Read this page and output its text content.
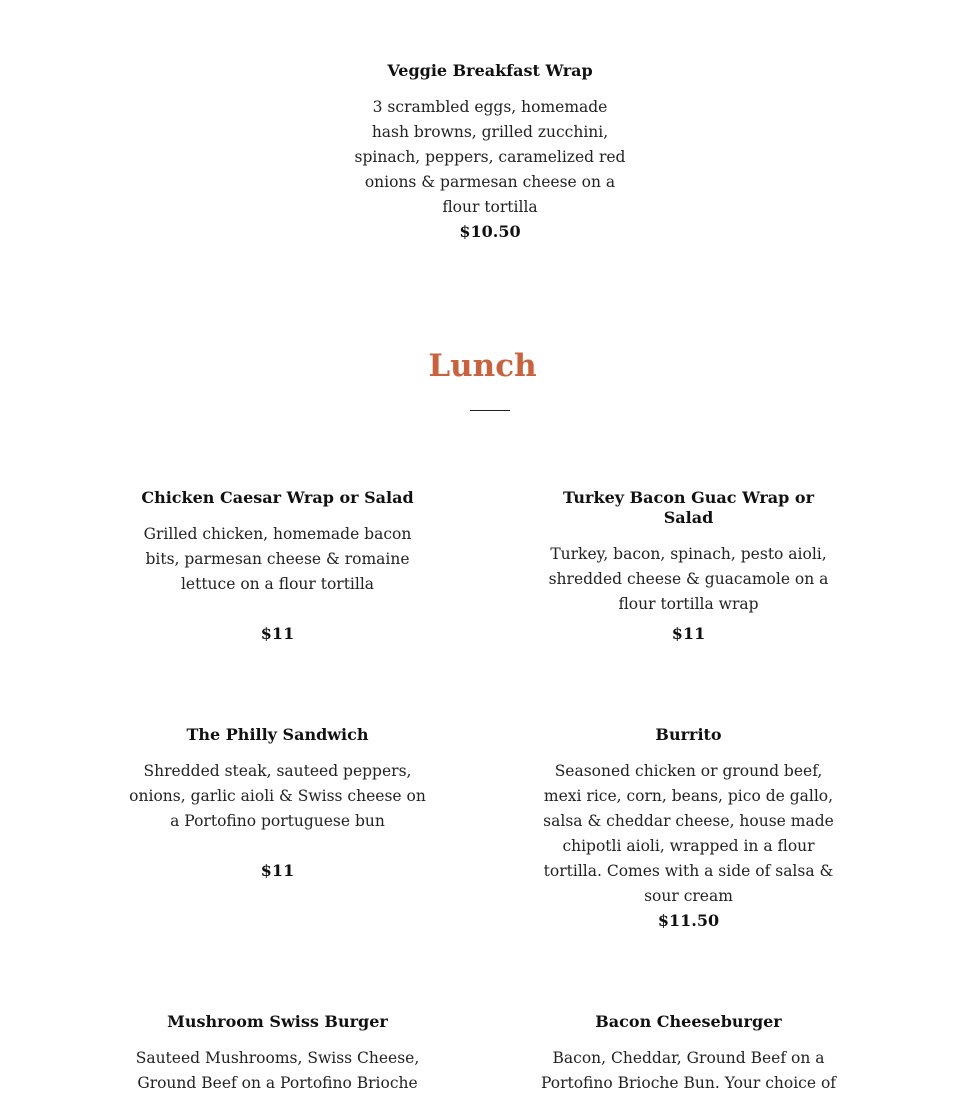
Veggie Breakfast Wrap

3 scrambled eggs, homemade hash browns, grilled zucchini, spinach, peppers, caramelized red onions & parmesan cheese on a flour tortilla

$10.50

Lunch

Chicken Caesar Wrap or Salad

Grilled chicken, homemade bacon bits, parmesan cheese & romaine lettuce on a flour tortilla

$11

Turkey Bacon Guac Wrap or Salad

Turkey, bacon, spinach, pesto aioli, shredded cheese & guacamole on a flour tortilla wrap

$11

The Philly Sandwich

Shredded steak, sauteed peppers, onions, garlic aioli & Swiss cheese on a Portofino portuguese bun

$11

Burrito

Seasoned chicken or ground beef, mexi rice, corn, beans, pico de gallo, salsa & cheddar cheese, house made chipotli aioli, wrapped in a flour tortilla. Comes with a side of salsa & sour cream

$11.50

Mushroom Swiss Burger

Sauteed Mushrooms, Swiss Cheese, Ground Beef on a Portofino Brioche

Bacon Cheeseburger

Bacon, Cheddar, Ground Beef on a Portofino Brioche Bun. Your choice of
